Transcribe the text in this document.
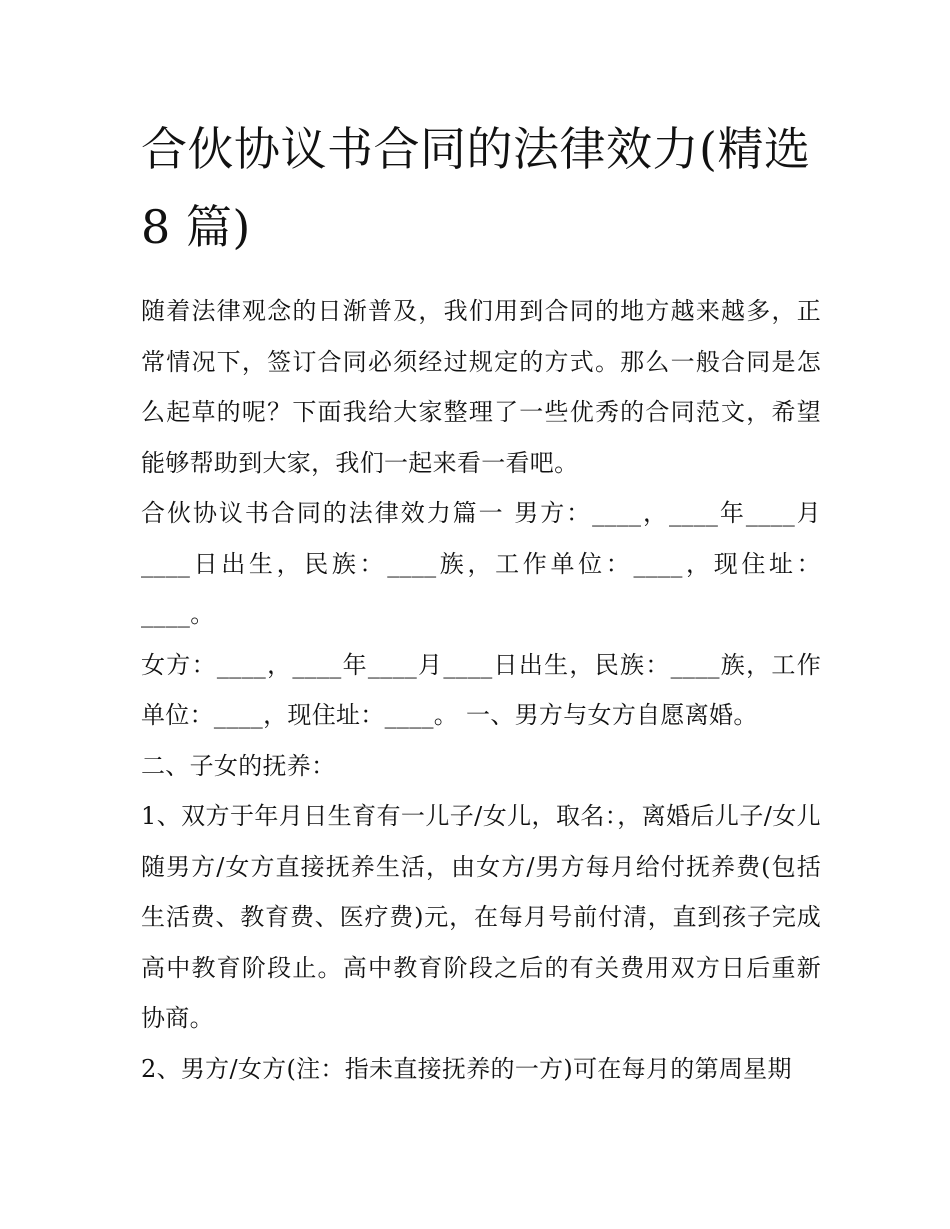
合伙协议书合同的法律效力(精选 8 篇)

随着法律观念的日渐普及，我们用到合同的地方越来越多，正常情况下，签订合同必须经过规定的方式。那么一般合同是怎么起草的呢？下面我给大家整理了一些优秀的合同范文，希望能够帮助到大家，我们一起来看一看吧。

合伙协议书合同的法律效力篇一 男方：____，____年____月____日出生，民族：____族，工作单位：____，现住址：____。

女方：____，____年____月____日出生，民族：____族，工作单位：____，现住址：____。 一、男方与女方自愿离婚。

二、子女的抚养：

1、双方于年月日生育有一儿子/女儿，取名：，离婚后儿子/女儿随男方/女方直接抚养生活，由女方/男方每月给付抚养费(包括生活费、教育费、医疗费)元，在每月号前付清，直到孩子完成高中教育阶段止。高中教育阶段之后的有关费用双方日后重新协商。

2、男方/女方(注：指未直接抚养的一方)可在每月的第周星期
